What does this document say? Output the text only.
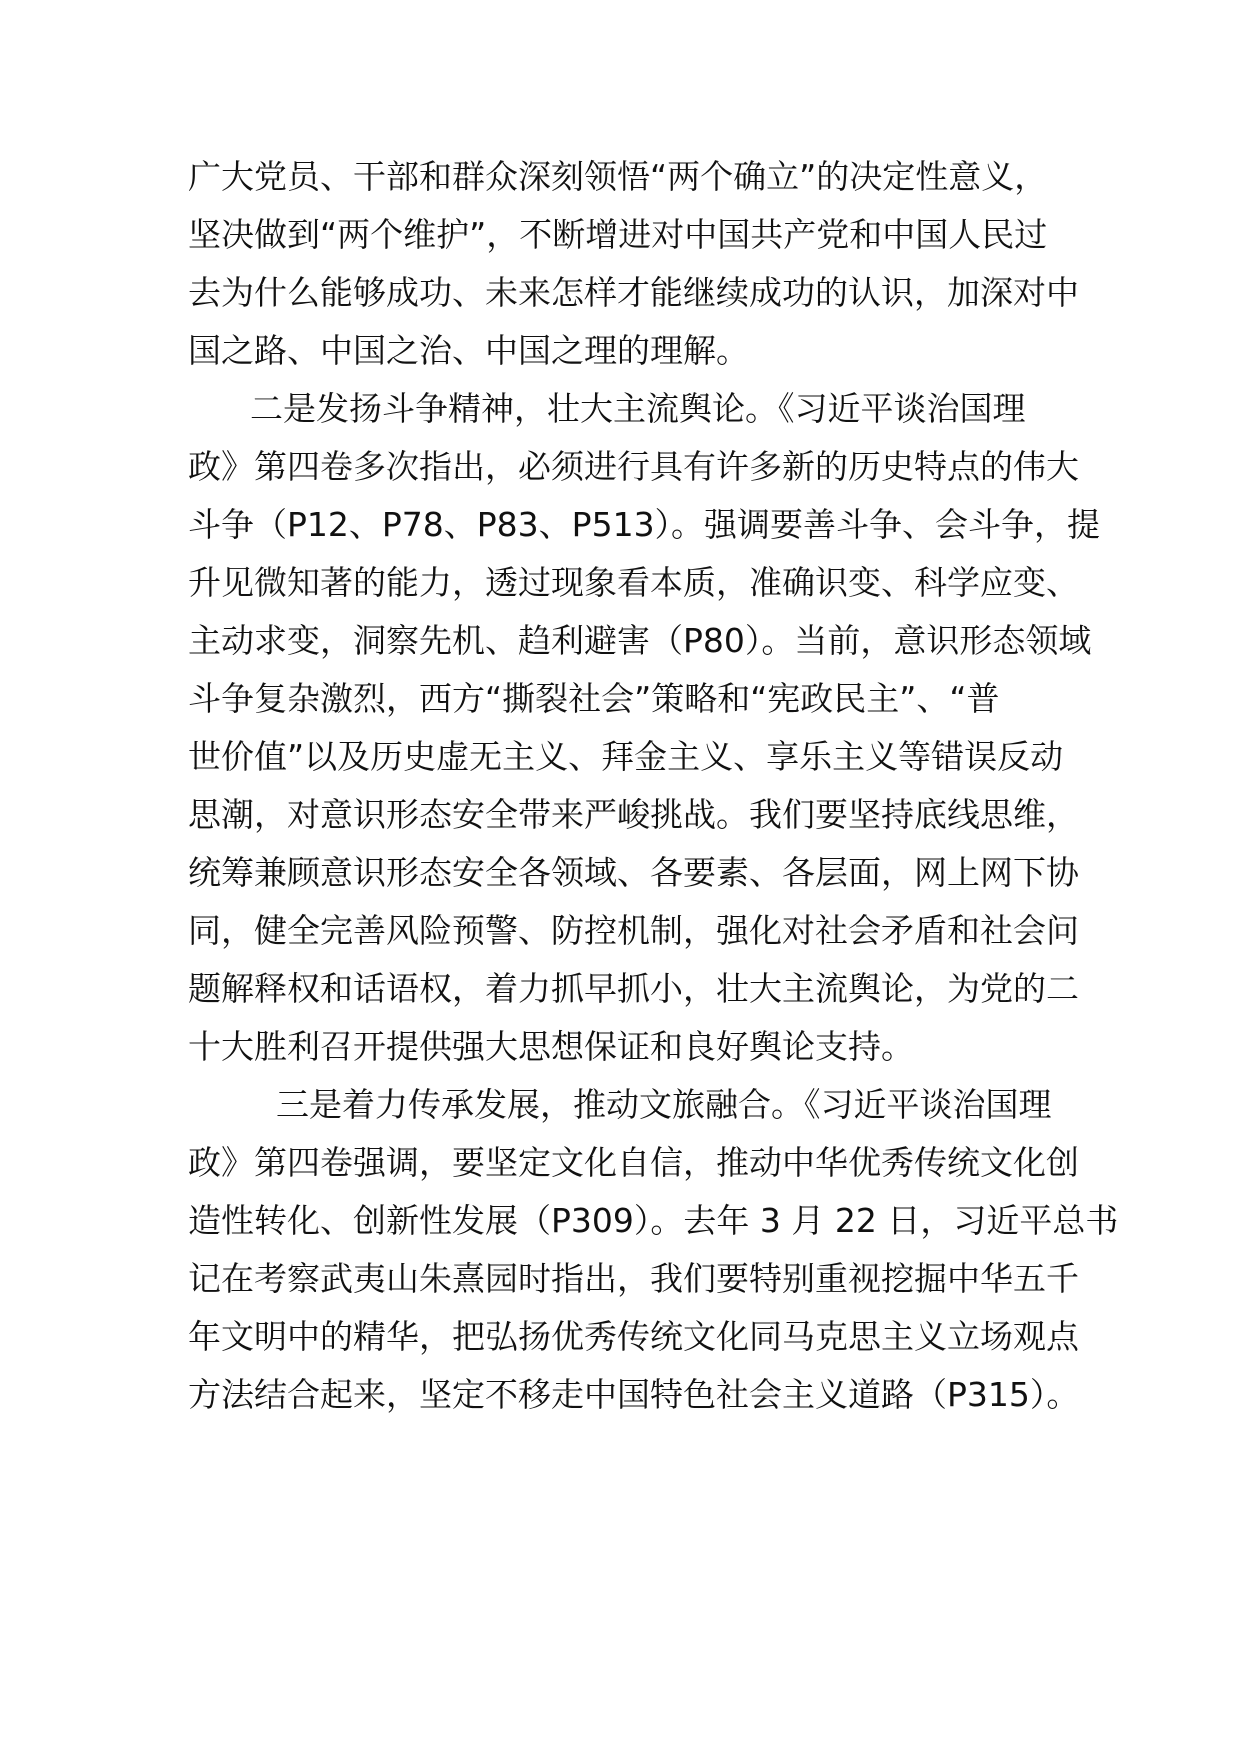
广大党员、干部和群众深刻领悟“两个确立”的决定性意义，
坚决做到“两个维护”，不断增进对中国共产党和中国人民过
去为什么能够成功、未来怎样才能继续成功的认识，加深对中
国之路、中国之治、中国之理的理解。
二是发扬斗争精神，壮大主流舆论。《习近平谈治国理
政》第四卷多次指出，必须进行具有许多新的历史特点的伟大
斗争（P12、P78、P83、P513）。强调要善斗争、会斗争，提
升见微知著的能力，透过现象看本质，准确识变、科学应变、
主动求变，洞察先机、趋利避害（P80）。当前，意识形态领域
斗争复杂激烈，西方“撕裂社会”策略和“宪政民主”、“普
世价值”以及历史虚无主义、拜金主义、享乐主义等错误反动
思潮，对意识形态安全带来严峻挑战。我们要坚持底线思维，
统筹兼顾意识形态安全各领域、各要素、各层面，网上网下协
同，健全完善风险预警、防控机制，强化对社会矛盾和社会问
题解释权和话语权，着力抓早抓小，壮大主流舆论，为党的二
十大胜利召开提供强大思想保证和良好舆论支持。
三是着力传承发展，推动文旅融合。《习近平谈治国理
政》第四卷强调，要坚定文化自信，推动中华优秀传统文化创
造性转化、创新性发展（P309）。去年 3 月 22 日，习近平总书
记在考察武夷山朱熹园时指出，我们要特别重视挖掘中华五千
年文明中的精华，把弘扬优秀传统文化同马克思主义立场观点
方法结合起来，坚定不移走中国特色社会主义道路（P315）。
